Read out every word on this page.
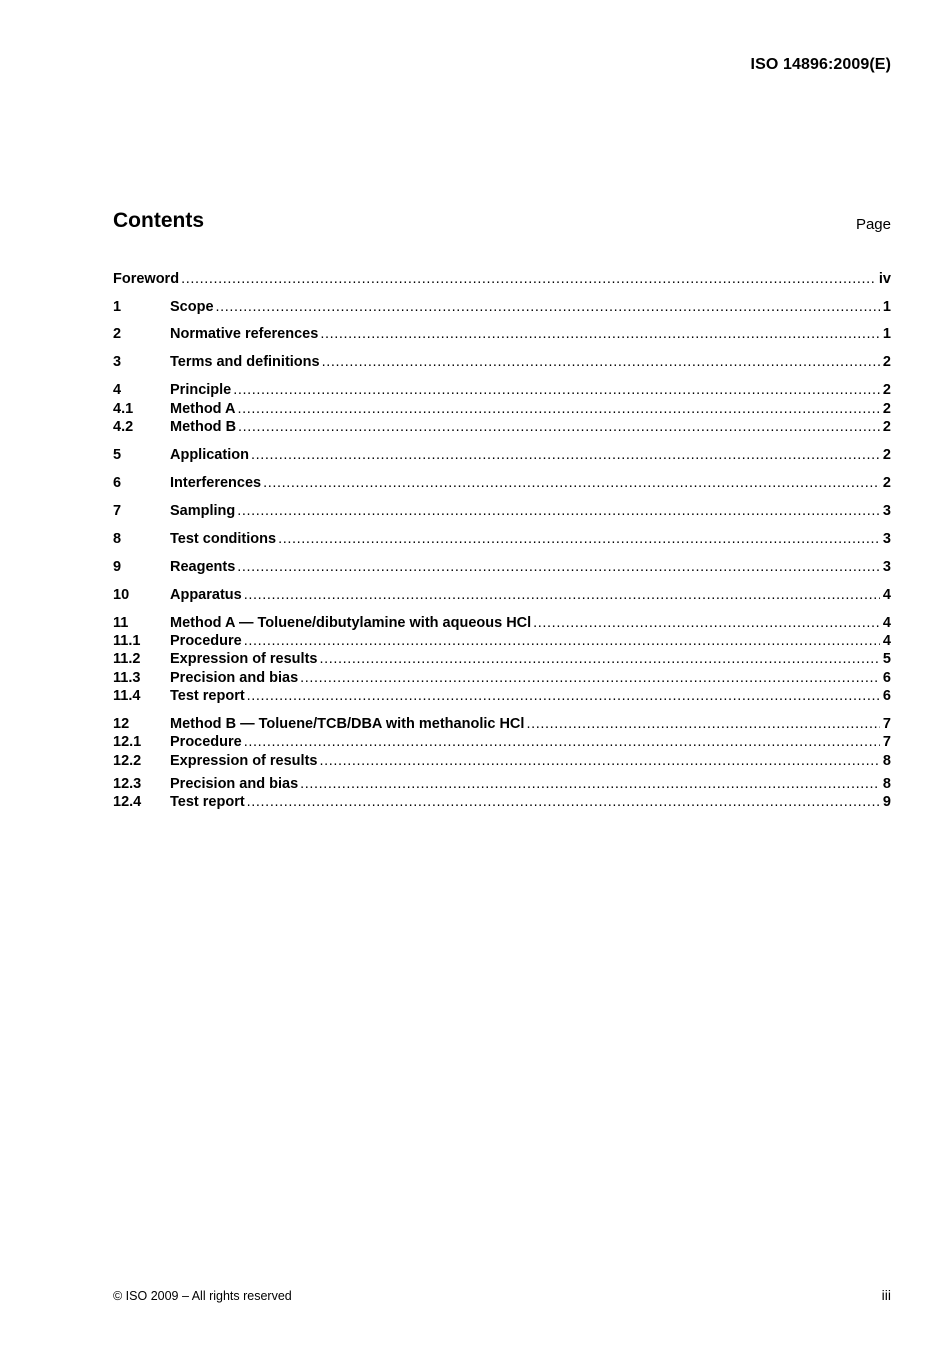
ISO 14896:2009(E)
Contents	Page
Foreword .....	iv
1	Scope .....	1
2	Normative references .....	1
3	Terms and definitions .....	2
4	Principle .....	2
4.1	Method A .....	2
4.2	Method B .....	2
5	Application .....	2
6	Interferences .....	2
7	Sampling .....	3
8	Test conditions .....	3
9	Reagents .....	3
10	Apparatus .....	4
11	Method A — Toluene/dibutylamine with aqueous HCl .....	4
11.1	Procedure .....	4
11.2	Expression of results .....	5
11.3	Precision and bias .....	6
11.4	Test report .....	6
12	Method B — Toluene/TCB/DBA with methanolic HCl .....	7
12.1	Procedure .....	7
12.2	Expression of results .....	8
12.3	Precision and bias .....	8
12.4	Test report .....	9
© ISO 2009 – All rights reserved	iii
